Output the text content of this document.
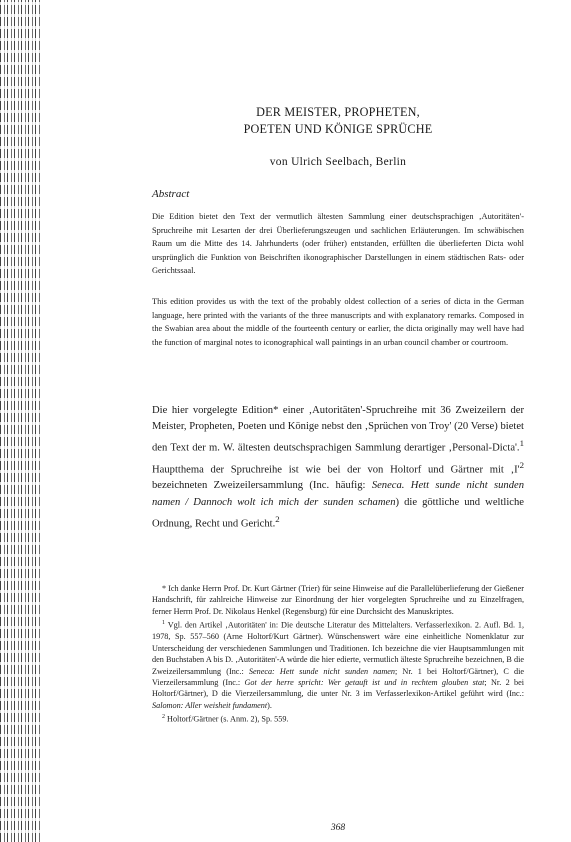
DER MEISTER, PROPHETEN,
POETEN UND KÖNIGE SPRÜCHE
von Ulrich Seelbach, Berlin
Abstract

Die Edition bietet den Text der vermutlich ältesten Sammlung einer deutschsprachigen ‚Autoritäten'-Spruchreihe mit Lesarten der drei Überlieferungszeugen und sachlichen Erläuterungen. Im schwäbischen Raum um die Mitte des 14. Jahrhunderts (oder früher) entstanden, erfüllten die überlieferten Dicta wohl ursprünglich die Funktion von Beischriften ikonographischer Darstellungen in einem städtischen Rats- oder Gerichtssaal.

This edition provides us with the text of the probably oldest collection of a series of dicta in the German language, here printed with the variants of the three manuscripts and with explanatory remarks. Composed in the Swabian area about the middle of the fourteenth century or earlier, the dicta originally may well have had the function of marginal notes to iconographical wall paintings in an urban council chamber or courtroom.

Die hier vorgelegte Edition* einer ‚Autoritäten'-Spruchreihe mit 36 Zweizeilern der Meister, Propheten, Poeten und Könige nebst den ‚Sprüchen von Troy' (20 Verse) bietet den Text der m. W. ältesten deutschsprachigen Sammlung derartiger ‚Personal-Dicta'.$^1$ Hauptthema der Spruchreihe ist wie bei der von Holtorf und Gärtner mit $‚I'^2$ bezeichneten Zweizeilersammlung (Inc. häufig: Seneca. Hett sunde nicht sunden namen / Dannoch wolt ich mich der sunden schamen) die göttliche und weltliche Ordnung, Recht und Gericht.$^2$

* Ich danke Herrn Prof. Dr. Kurt Gärtner (Trier) für seine Hinweise auf die Parallelüberlieferung der Gießener Handschrift, für zahlreiche Hinweise zur Einordnung der hier vorgelegten Spruchreihe und zu Einzelfragen, ferner Herrn Prof. Dr. Nikolaus Henkel (Regensburg) für eine Durchsicht des Manuskriptes.

$^1$ Vgl. den Artikel ‚Autoritäten' in: Die deutsche Literatur des Mittelalters. Verfasserlexikon. 2. Aufl. Bd. 1, 1978, Sp. 557–560 (Arne Holtorf/Kurt Gärtner). Wünschenswert wäre eine einheitliche Nomenklatur zur Unterscheidung der verschiedenen Sammlungen und Traditionen. Ich bezeichne die vier Hauptsammlungen mit den Buchstaben A bis D. ‚Autoritäten'-A würde die hier edierte, vermutlich älteste Spruchreihe bezeichnen, B die Zweizeilersammlung (Inc.: Seneca: Hett sunde nicht sunden namen; Nr. 1 bei Holtorf/Gärtner), C die Vierzeilersammlung (Inc.: Got der herre spricht: Wer getauft ist und in rechtem glouben stat; Nr. 2 bei Holtorf/Gärtner), D die Vierzeilersammlung, die unter Nr. 3 im Verfasserlexikon-Artikel geführt wird (Inc.: Salomon: Aller weisheit fundament).

$^2$ Holtorf/Gärtner (s. Anm. 2), Sp. 559.

368
